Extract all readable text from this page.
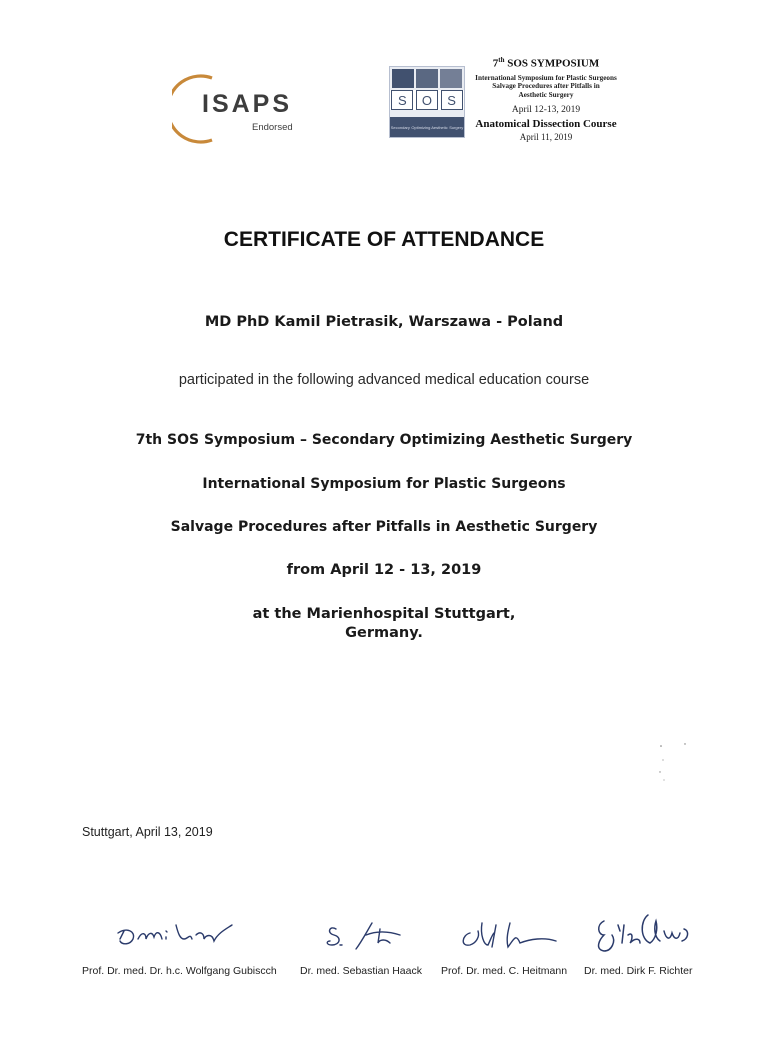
ISAPS
Endorsed
S	O	S
Secondary Optimizing Aesthetic Surgery
7th SOS SYMPOSIUM
International Symposium for Plastic Surgeons
Salvage Procedures after Pitfalls in
Aesthetic Surgery
April 12-13, 2019
Anatomical Dissection Course
April 11, 2019
CERTIFICATE OF ATTENDANCE
MD PhD Kamil Pietrasik, Warszawa - Poland
participated in the following advanced medical education course
7th SOS Symposium – Secondary Optimizing Aesthetic Surgery
International Symposium for Plastic Surgeons
Salvage Procedures after Pitfalls in Aesthetic Surgery
from April 12 - 13, 2019
at the Marienhospital Stuttgart,
Germany.
Stuttgart, April 13, 2019
Prof. Dr. med. Dr. h.c. Wolfgang Gubiscch Dr. med. Sebastian Haack Prof. Dr. med. C. Heitmann Dr. med. Dirk F. Richter
